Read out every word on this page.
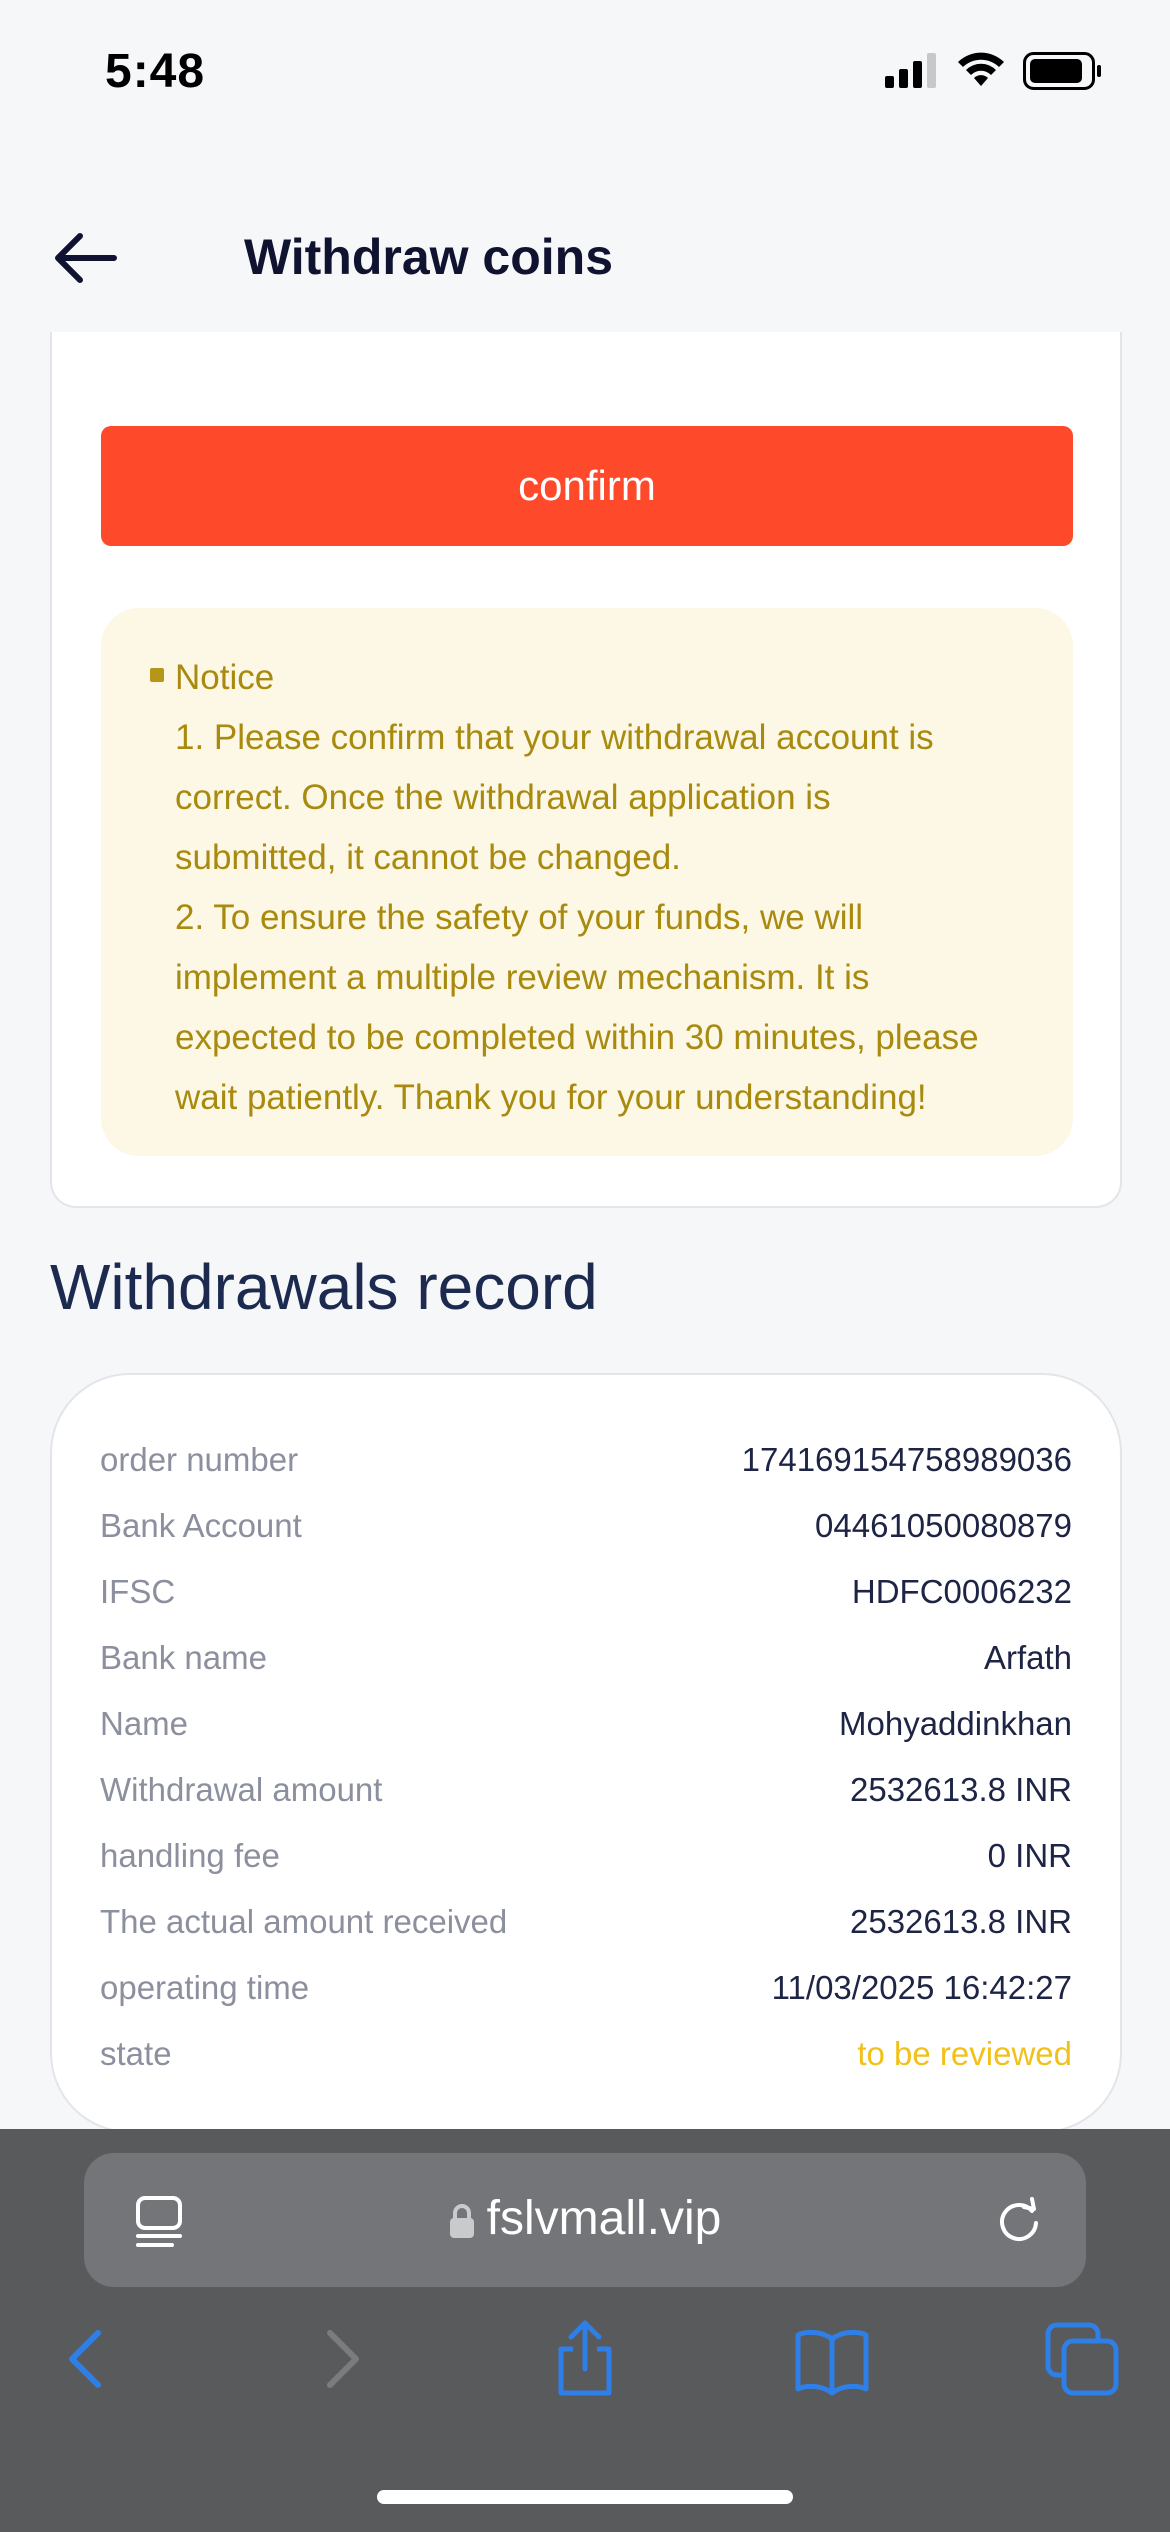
5:48
Withdraw coins
confirm
Notice
1. Please confirm that your withdrawal account is
correct. Once the withdrawal application is
submitted, it cannot be changed.
2. To ensure the safety of your funds, we will
implement a multiple review mechanism. It is
expected to be completed within 30 minutes, please
wait patiently. Thank you for your understanding!
Withdrawals record
order number	174169154758989036
Bank Account	04461050080879
IFSC	HDFC0006232
Bank name	Arfath
Name	Mohyaddinkhan
Withdrawal amount	2532613.8 INR
handling fee	0 INR
The actual amount received	2532613.8 INR
operating time	11/03/2025 16:42:27
state	to be reviewed
fslvmall.vip
